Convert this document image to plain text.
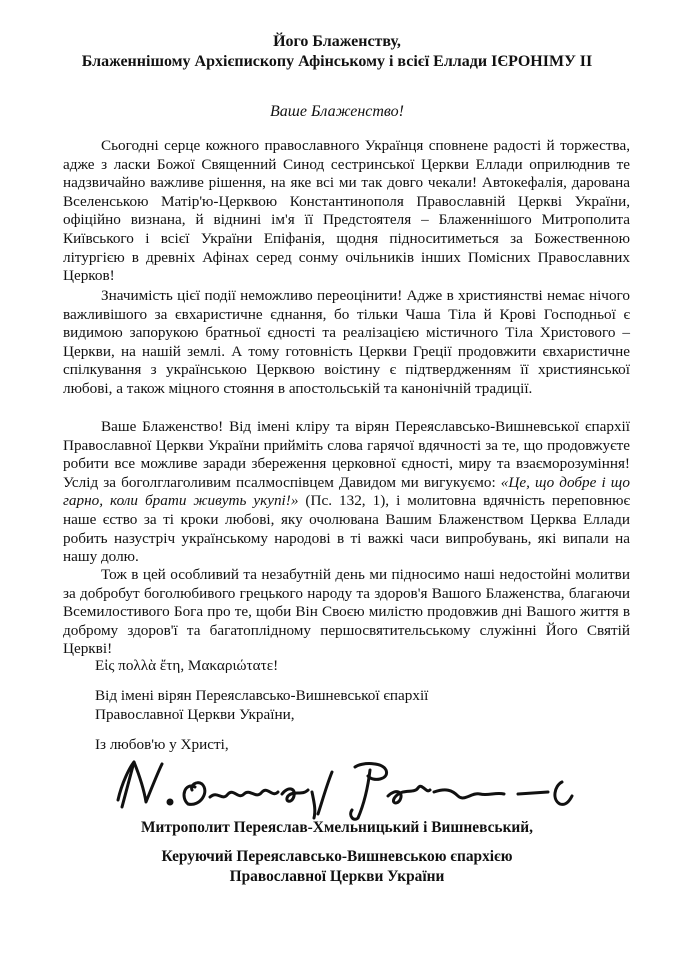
Його Блаженству,
Блаженнішому Архієпископу Афінському і всієї Еллади ІЄРОНІМУ ІІ
Ваше Блаженство!

Сьогодні серце кожного православного Українця сповнене радості й торжества, адже з ласки Божої Священний Синод сестринської Церкви Еллади оприлюднив те надзвичайно важливе рішення, на яке всі ми так довго чекали! Автокефалія, дарована Вселенською Матір'ю-Церквою Константинополя Православній Церкві України, офіційно визнана, й віднині ім'я її Предстоятеля – Блаженнішого Митрополита Київського і всієї України Епіфанія, щодня підноситиметься за Божественною літургією в древніх Афінах серед сонму очільників інших Помісних Православних Церков!

Значимість цієї події неможливо переоцінити! Адже в християнстві немає нічого важливішого за євхаристичне єднання, бо тільки Чаша Тіла й Крові Господньої є видимою запорукою братньої єдності та реалізацією містичного Тіла Христового – Церкви, на нашій землі. А тому готовність Церкви Греції продовжити євхаристичне спілкування з українською Церквою воістину є підтвердженням її християнської любові, а також міцного стояння в апостольській та канонічній традиції.

Ваше Блаженство! Від імені кліру та вірян Переяславсько-Вишневської єпархії Православної Церкви України прийміть слова гарячої вдячності за те, що продовжуєте робити все можливе заради збереження церковної єдності, миру та взаєморозуміння! Услід за боголглаголивим псалмоспівцем Давидом ми вигукуємо: «Це, що добре і що гарно, коли брати живуть укупі!» (Пс. 132, 1), і молитовна вдячність переповнює наше єство за ті кроки любові, яку очолювана Вашим Блаженством Церква Еллади робить назустріч українському народові в ті важкі часи випробувань, які випали на нашу долю.

Тож в цей особливий та незабутній день ми підносимо наші недостойні молитви за добробут боголюбивого грецького народу та здоров'я Вашого Блаженства, благаючи Всемилостивого Бога про те, щоби Він Своєю милістю продовжив дні Вашого життя в доброму здоров'ї та багатоплідному першосвятительському служінні Його Святій Церкві!

Εἰς πολλὰ ἔτη, Μακαριώτατε!
Від імені вірян Переяславсько-Вишневської єпархії
Православної Церкви України,
Із любов'ю у Христі,
Митрополит Переяслав-Хмельницький і Вишневський,
Керуючий Переяславсько-Вишневською єпархією
Православної Церкви України
